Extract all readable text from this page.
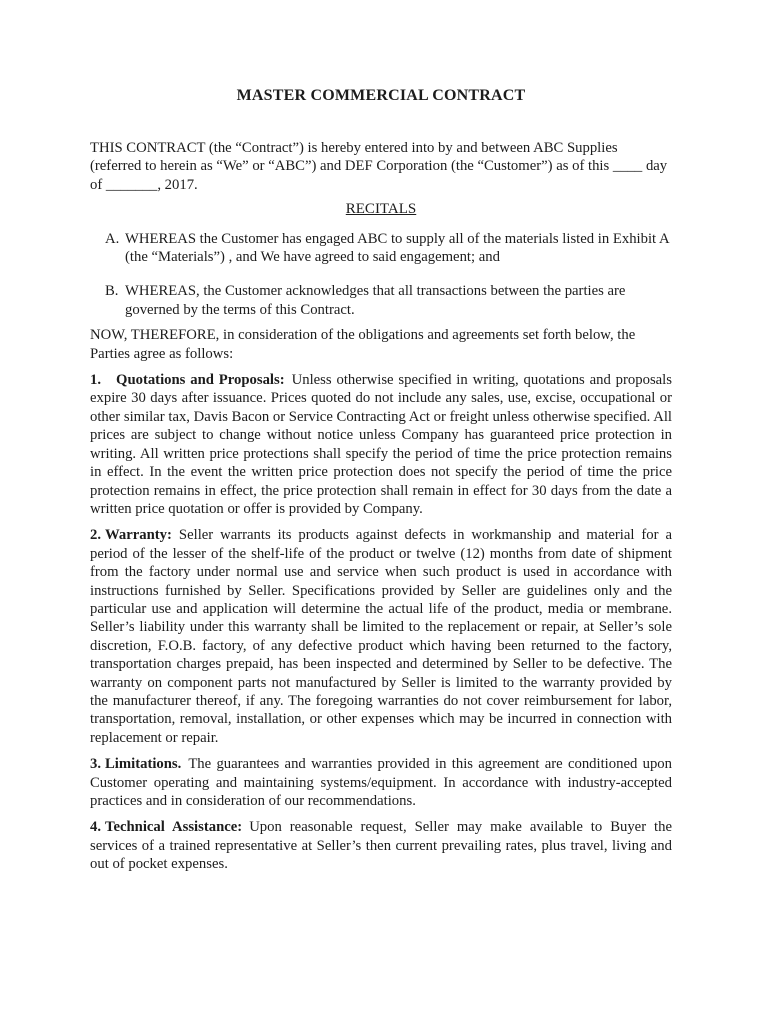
MASTER COMMERCIAL CONTRACT

THIS CONTRACT (the “Contract”) is hereby entered into by and between ABC Supplies (referred to herein as “We” or “ABC”) and DEF Corporation (the “Customer”) as of this ____ day of _______, 2017.

RECITALS
A. WHEREAS the Customer has engaged ABC to supply all of the materials listed in Exhibit A (the “Materials”) , and We have agreed to said engagement; and
B. WHEREAS, the Customer acknowledges that all transactions between the parties are governed by the terms of this Contract.

NOW, THEREFORE, in consideration of the obligations and agreements set forth below, the Parties agree as follows:

1. Quotations and Proposals: Unless otherwise specified in writing, quotations and proposals expire 30 days after issuance. Prices quoted do not include any sales, use, excise, occupational or other similar tax, Davis Bacon or Service Contracting Act or freight unless otherwise specified. All prices are subject to change without notice unless Company has guaranteed price protection in writing. All written price protections shall specify the period of time the price protection remains in effect. In the event the written price protection does not specify the period of time the price protection remains in effect, the price protection shall remain in effect for 30 days from the date a written price quotation or offer is provided by Company.

2. Warranty: Seller warrants its products against defects in workmanship and material for a period of the lesser of the shelf-life of the product or twelve (12) months from date of shipment from the factory under normal use and service when such product is used in accordance with instructions furnished by Seller. Specifications provided by Seller are guidelines only and the particular use and application will determine the actual life of the product, media or membrane. Seller’s liability under this warranty shall be limited to the replacement or repair, at Seller’s sole discretion, F.O.B. factory, of any defective product which having been returned to the factory, transportation charges prepaid, has been inspected and determined by Seller to be defective. The warranty on component parts not manufactured by Seller is limited to the warranty provided by the manufacturer thereof, if any. The foregoing warranties do not cover reimbursement for labor, transportation, removal, installation, or other expenses which may be incurred in connection with replacement or repair.

3. Limitations. The guarantees and warranties provided in this agreement are conditioned upon Customer operating and maintaining systems/equipment. In accordance with industry-accepted practices and in consideration of our recommendations.

4. Technical Assistance: Upon reasonable request, Seller may make available to Buyer the services of a trained representative at Seller’s then current prevailing rates, plus travel, living and out of pocket expenses.
